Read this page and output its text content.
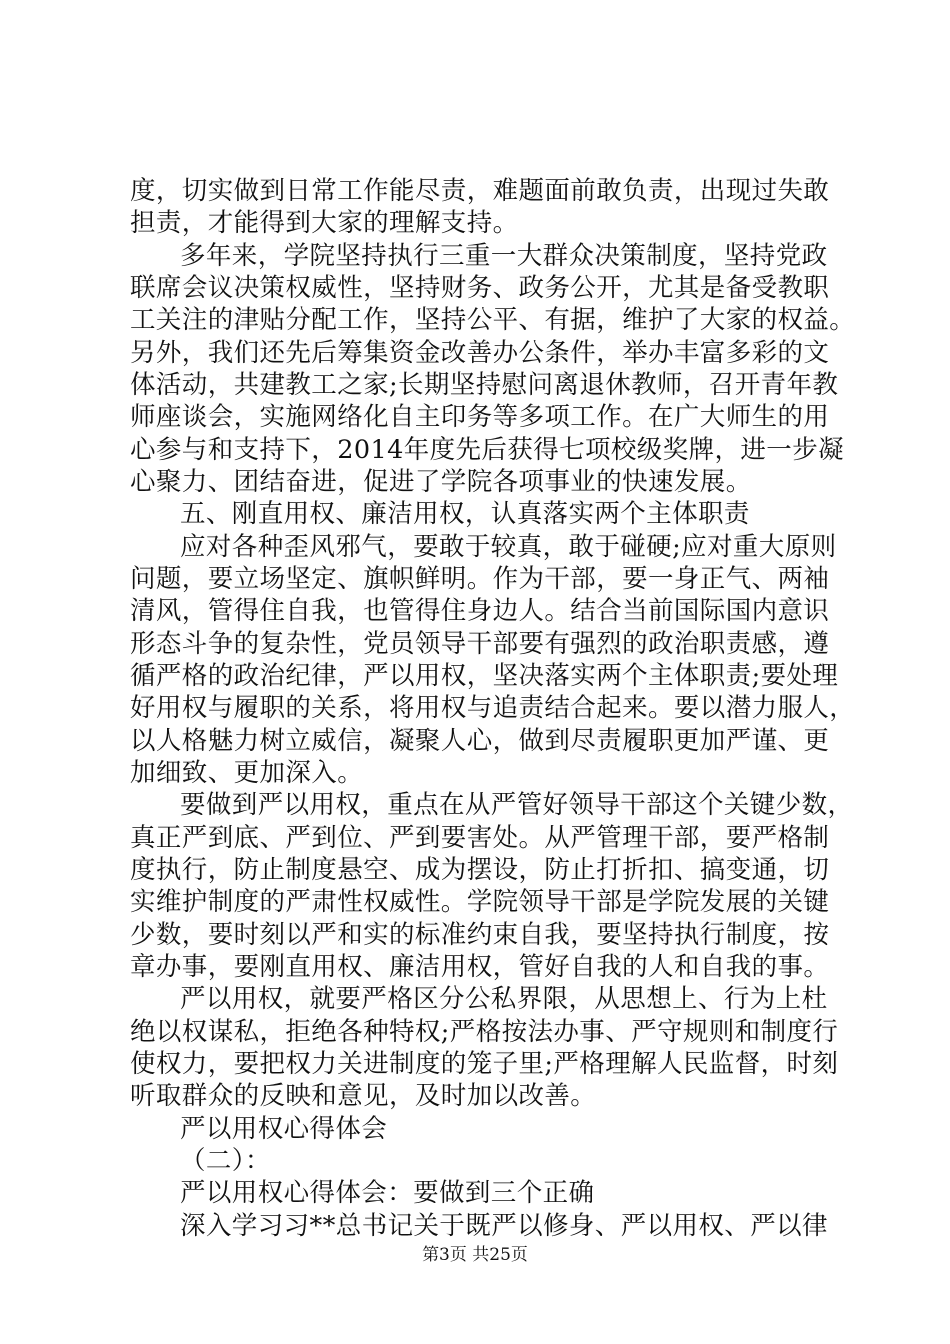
度，切实做到日常工作能尽责，难题面前敢负责，出现过失敢
担责，才能得到大家的理解支持。
多年来，学院坚持执行三重一大群众决策制度，坚持党政
联席会议决策权威性，坚持财务、政务公开，尤其是备受教职
工关注的津贴分配工作，坚持公平、有据，维护了大家的权益。
另外，我们还先后筹集资金改善办公条件，举办丰富多彩的文
体活动，共建教工之家;长期坚持慰问离退休教师，召开青年教
师座谈会，实施网络化自主印务等多项工作。在广大师生的用
心参与和支持下，2014年度先后获得七项校级奖牌，进一步凝
心聚力、团结奋进，促进了学院各项事业的快速发展。
五、刚直用权、廉洁用权，认真落实两个主体职责
应对各种歪风邪气，要敢于较真，敢于碰硬;应对重大原则
问题，要立场坚定、旗帜鲜明。作为干部，要一身正气、两袖
清风，管得住自我，也管得住身边人。结合当前国际国内意识
形态斗争的复杂性，党员领导干部要有强烈的政治职责感，遵
循严格的政治纪律，严以用权，坚决落实两个主体职责;要处理
好用权与履职的关系，将用权与追责结合起来。要以潜力服人，
以人格魅力树立威信，凝聚人心，做到尽责履职更加严谨、更
加细致、更加深入。
要做到严以用权，重点在从严管好领导干部这个关键少数，
真正严到底、严到位、严到要害处。从严管理干部，要严格制
度执行，防止制度悬空、成为摆设，防止打折扣、搞变通，切
实维护制度的严肃性权威性。学院领导干部是学院发展的关键
少数，要时刻以严和实的标准约束自我，要坚持执行制度，按
章办事，要刚直用权、廉洁用权，管好自我的人和自我的事。
严以用权，就要严格区分公私界限，从思想上、行为上杜
绝以权谋私，拒绝各种特权;严格按法办事、严守规则和制度行
使权力，要把权力关进制度的笼子里;严格理解人民监督，时刻
听取群众的反映和意见，及时加以改善。
严以用权心得体会
（二）：
严以用权心得体会：要做到三个正确
深入学习习**总书记关于既严以修身、严以用权、严以律
第3页 共25页
